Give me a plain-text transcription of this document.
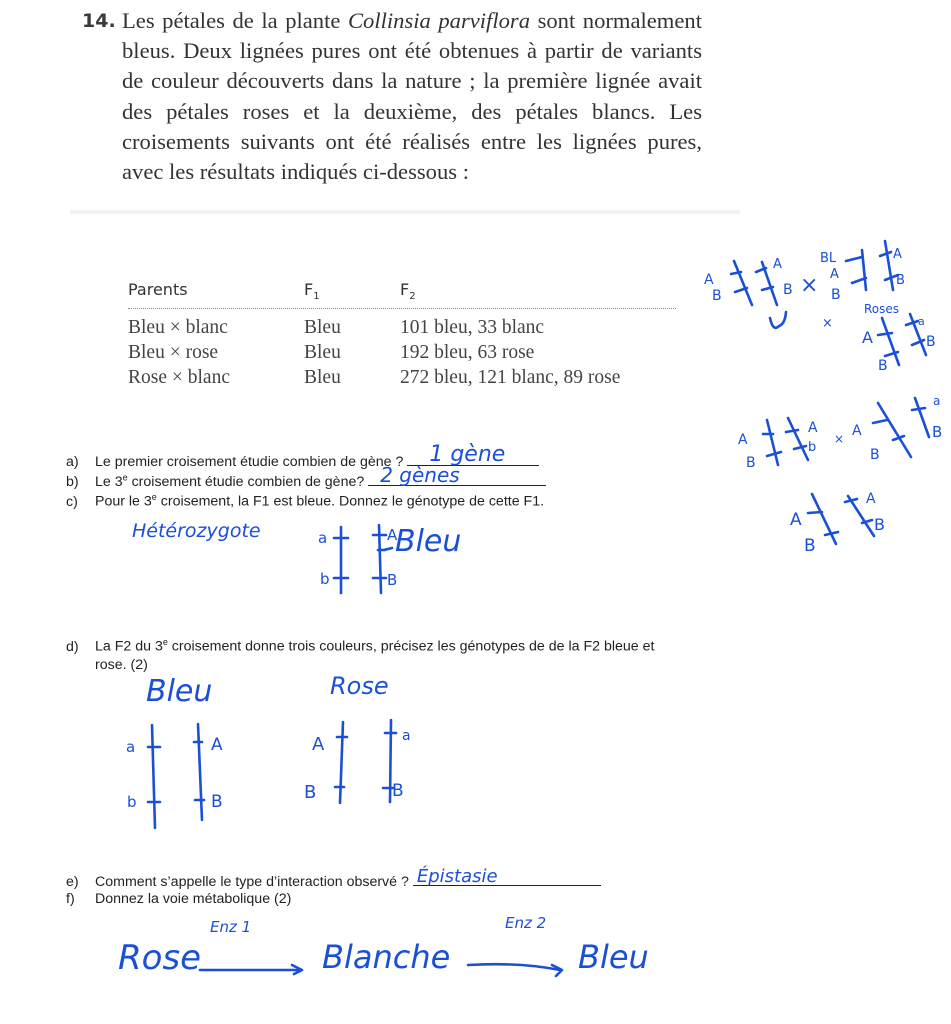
14. Les pétales de la plante Collinsia parviflora sont normalement bleus. Deux lignées pures ont été obtenues à partir de variants de couleur découverts dans la nature ; la première lignée avait des pétales roses et la deuxième, des pétales blancs. Les croisements suivants ont été réalisés entre les lignées pures, avec les résultats indiqués ci-dessous :
Parents	$F_1$	$F_2$
Bleu × blanc	Bleu	101 bleu, 33 blanc
Bleu × rose	Bleu	192 bleu, 63 rose
Rose × blanc	Bleu	272 bleu, 121 blanc, 89 rose
a) Le premier croisement étudie combien de gène ? 1 gène
b) Le 3e croisement étudie combien de gène? 2 gènes
c) Pour le 3e croisement, la F1 est bleue. Donnez le génotype de cette F1.
Hétérozygote	Bleu
d) La F2 du 3e croisement donne trois couleurs, précisez les génotypes de de la F2 bleue et
rose. (2)
Bleu	Rose
e) Comment s’appelle le type d’interaction observé ? Épistasie
f) Donnez la voie métabolique (2)
Rose
Enz 1
Blanche
Enz 2
Bleu
a
b
A
B
a
b
A
B
A
B
a
B
A
B
A
B ×
BL
A
B
A
B
×
Roses
A
B
a
B
A
B
A
b
× A
B
a
B
A
B
A
B
